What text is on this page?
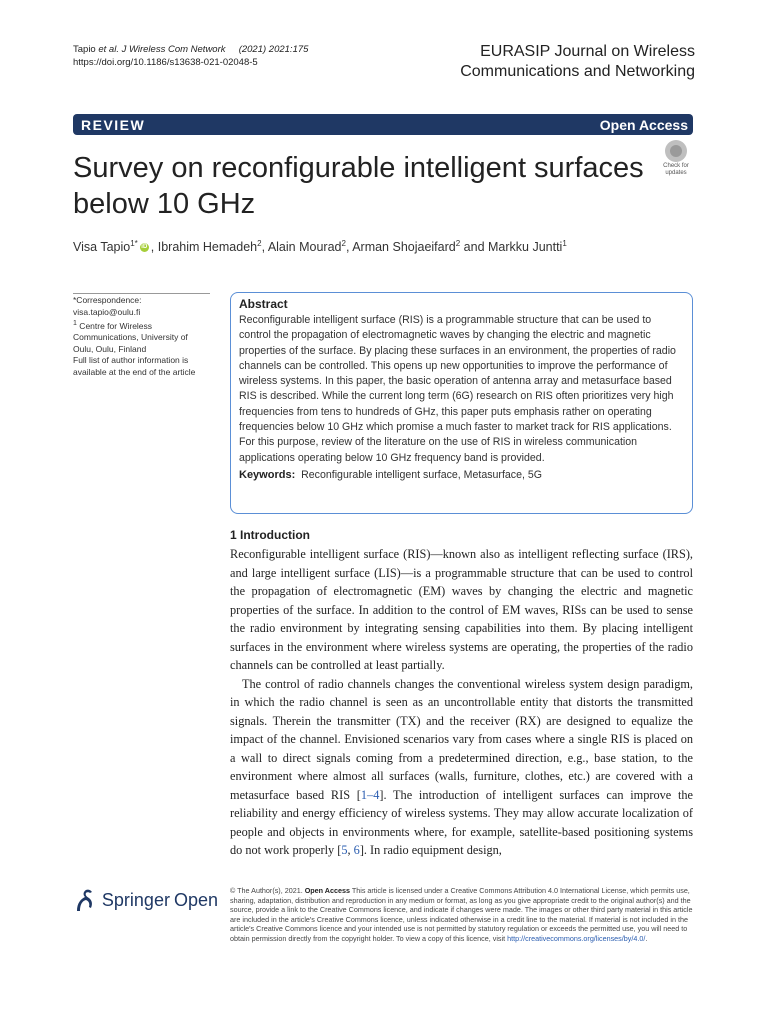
Tapio et al. J Wireless Com Network (2021) 2021:175
https://doi.org/10.1186/s13638-021-02048-5
EURASIP Journal on Wireless
Communications and Networking
REVIEW	Open Access
Survey on reconfigurable intelligent surfaces below 10 GHz
Check for
updates
Visa Tapio$^{1*}$ iD , Ibrahim Hemadeh$^2$, Alain Mourad$^2$, Arman Shojaeifard$^2$ and Markku Juntti$^1$
*Correspondence:
visa.tapio@oulu.fi
$^1$ Centre for Wireless Communications, University of Oulu, Oulu, Finland
Full list of author information is available at the end of the article
Abstract

Reconfigurable intelligent surface (RIS) is a programmable structure that can be used to control the propagation of electromagnetic waves by changing the electric and magnetic properties of the surface. By placing these surfaces in an environment, the properties of radio channels can be controlled. This opens up new opportunities to improve the performance of wireless systems. In this paper, the basic operation of antenna array and metasurface based RIS is described. While the current long term (6G) research on RIS often prioritizes very high frequencies from tens to hundreds of GHz, this paper puts emphasis rather on operating frequencies below 10 GHz which promise a much faster to market track for RIS applications. For this purpose, review of the literature on the use of RIS in wireless communication applications operating below 10 GHz frequency band is provided.

Keywords: Reconfigurable intelligent surface, Metasurface, 5G
1 Introduction

Reconfigurable intelligent surface (RIS)—known also as intelligent reflecting surface (IRS), and large intelligent surface (LIS)—is a programmable structure that can be used to control the propagation of electromagnetic (EM) waves by changing the electric and magnetic properties of the surface. In addition to the control of EM waves, RISs can be used to sense the radio environment by integrating sensing capabilities into them. By placing intelligent surfaces in the environment where wireless systems are operating, the properties of the radio channels can be controlled at least partially.

The control of radio channels changes the conventional wireless system design paradigm, in which the radio channel is seen as an uncontrollable entity that distorts the transmitted signals. Therein the transmitter (TX) and the receiver (RX) are designed to equalize the impact of the channel. Envisioned scenarios vary from cases where a single RIS is placed on a wall to direct signals coming from a predetermined direction, e.g., base station, to the environment where almost all surfaces (walls, furniture, clothes, etc.) are covered with a metasurface based RIS [1–4]. The introduction of intelligent surfaces can improve the reliability and energy efficiency of wireless systems. They may allow accurate localization of people and objects in environments where, for example, satellite-based positioning systems do not work properly [5, 6]. In radio equipment design,

Springer Open © The Author(s), 2021. Open Access This article is licensed under a Creative Commons Attribution 4.0 International License, which permits use, sharing, adaptation, distribution and reproduction in any medium or format, as long as you give appropriate credit to the original author(s) and the source, provide a link to the Creative Commons licence, and indicate if changes were made. The images or other third party material in this article are included in the article's Creative Commons licence, unless indicated otherwise in a credit line to the material. If material is not included in the article's Creative Commons licence and your intended use is not permitted by statutory regulation or exceeds the permitted use, you will need to obtain permission directly from the copyright holder. To view a copy of this licence, visit http://creativecommons.org/licenses/by/4.0/.
